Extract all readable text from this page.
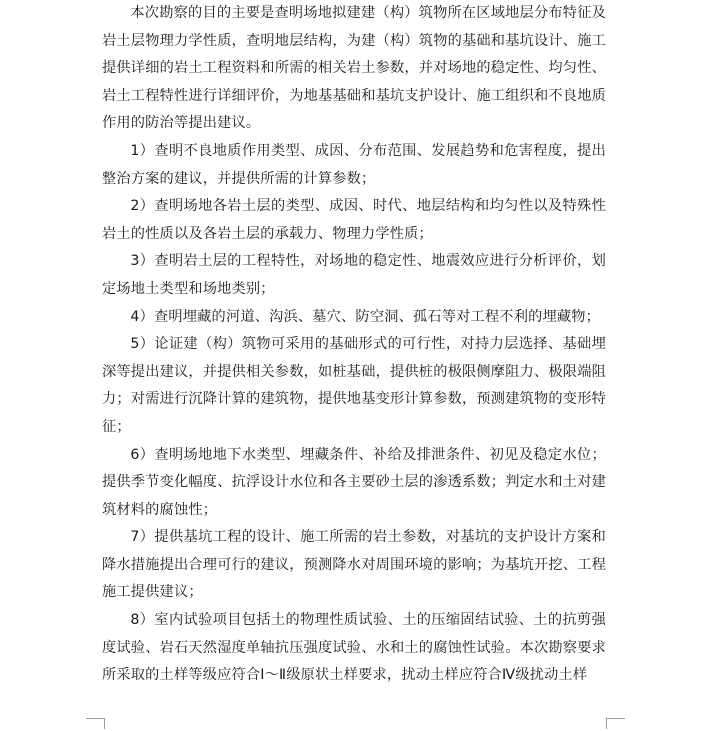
本次勘察的目的主要是查明场地拟建建（构）筑物所在区域地层分布特征及岩土层物理力学性质，查明地层结构，为建（构）筑物的基础和基坑设计、施工提供详细的岩土工程资料和所需的相关岩土参数，并对场地的稳定性、均匀性、岩土工程特性进行详细评价，为地基基础和基坑支护设计、施工组织和不良地质作用的防治等提出建议。

1）查明不良地质作用类型、成因、分布范围、发展趋势和危害程度，提出整治方案的建议，并提供所需的计算参数；

2）查明场地各岩土层的类型、成因、时代、地层结构和均匀性以及特殊性岩土的性质以及各岩土层的承载力、物理力学性质；

3）查明岩土层的工程特性，对场地的稳定性、地震效应进行分析评价，划定场地土类型和场地类别；

4）查明埋藏的河道、沟浜、墓穴、防空洞、孤石等对工程不利的埋藏物；

5）论证建（构）筑物可采用的基础形式的可行性，对持力层选择、基础埋深等提出建议，并提供相关参数，如桩基础，提供桩的极限侧摩阻力、极限端阻力；对需进行沉降计算的建筑物，提供地基变形计算参数，预测建筑物的变形特征；

6）查明场地地下水类型、埋藏条件、补给及排泄条件、初见及稳定水位；提供季节变化幅度、抗浮设计水位和各主要砂土层的渗透系数；判定水和土对建筑材料的腐蚀性；

7）提供基坑工程的设计、施工所需的岩土参数，对基坑的支护设计方案和降水措施提出合理可行的建议，预测降水对周围环境的影响；为基坑开挖、工程施工提供建议；

8）室内试验项目包括土的物理性质试验、土的压缩固结试验、土的抗剪强度试验、岩石天然湿度单轴抗压强度试验、水和土的腐蚀性试验。本次勘察要求所采取的土样等级应符合Ⅰ～Ⅱ级原状土样要求，扰动土样应符合Ⅳ级扰动土样
